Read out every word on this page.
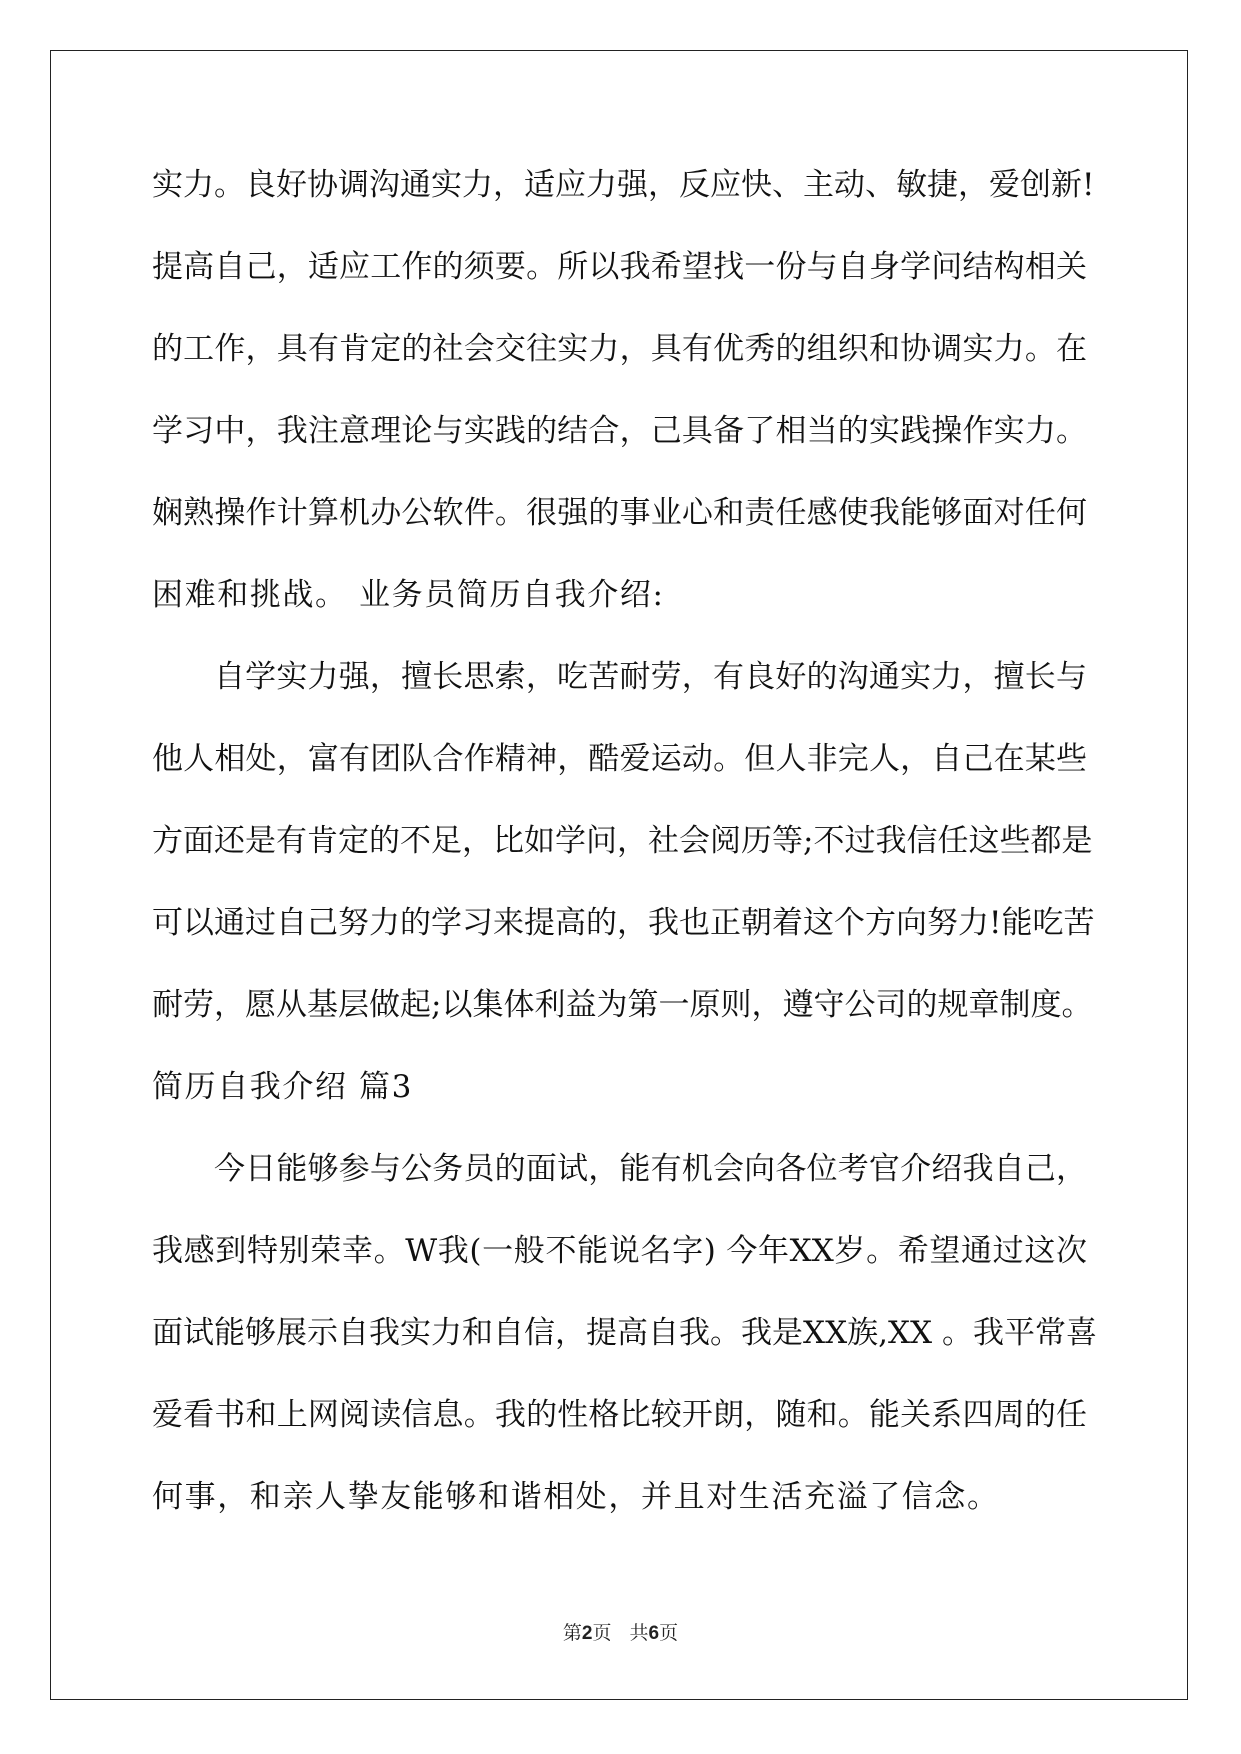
实力。良好协调沟通实力，适应力强，反应快、主动、敏捷，爱创新!
提高自己，适应工作的须要。所以我希望找一份与自身学问结构相关
的工作，具有肯定的社会交往实力，具有优秀的组织和协调实力。在
学习中，我注意理论与实践的结合，己具备了相当的实践操作实力。
娴熟操作计算机办公软件。很强的事业心和责任感使我能够面对任何
困难和挑战。 业务员简历自我介绍:
自学实力强，擅长思索，吃苦耐劳，有良好的沟通实力，擅长与
他人相处，富有团队合作精神，酷爱运动。但人非完人，自己在某些
方面还是有肯定的不足，比如学问，社会阅历等;不过我信任这些都是
可以通过自己努力的学习来提高的，我也正朝着这个方向努力!能吃苦
耐劳，愿从基层做起;以集体利益为第一原则，遵守公司的规章制度。
简历自我介绍 篇3
今日能够参与公务员的面试，能有机会向各位考官介绍我自己，
我感到特别荣幸。W我(一般不能说名字) 今年XX岁。希望通过这次
面试能够展示自我实力和自信，提高自我。我是XX族,XX 。我平常喜
爱看书和上网阅读信息。我的性格比较开朗，随和。能关系四周的任
何事，和亲人挚友能够和谐相处，并且对生活充溢了信念。
第2页 共6页
